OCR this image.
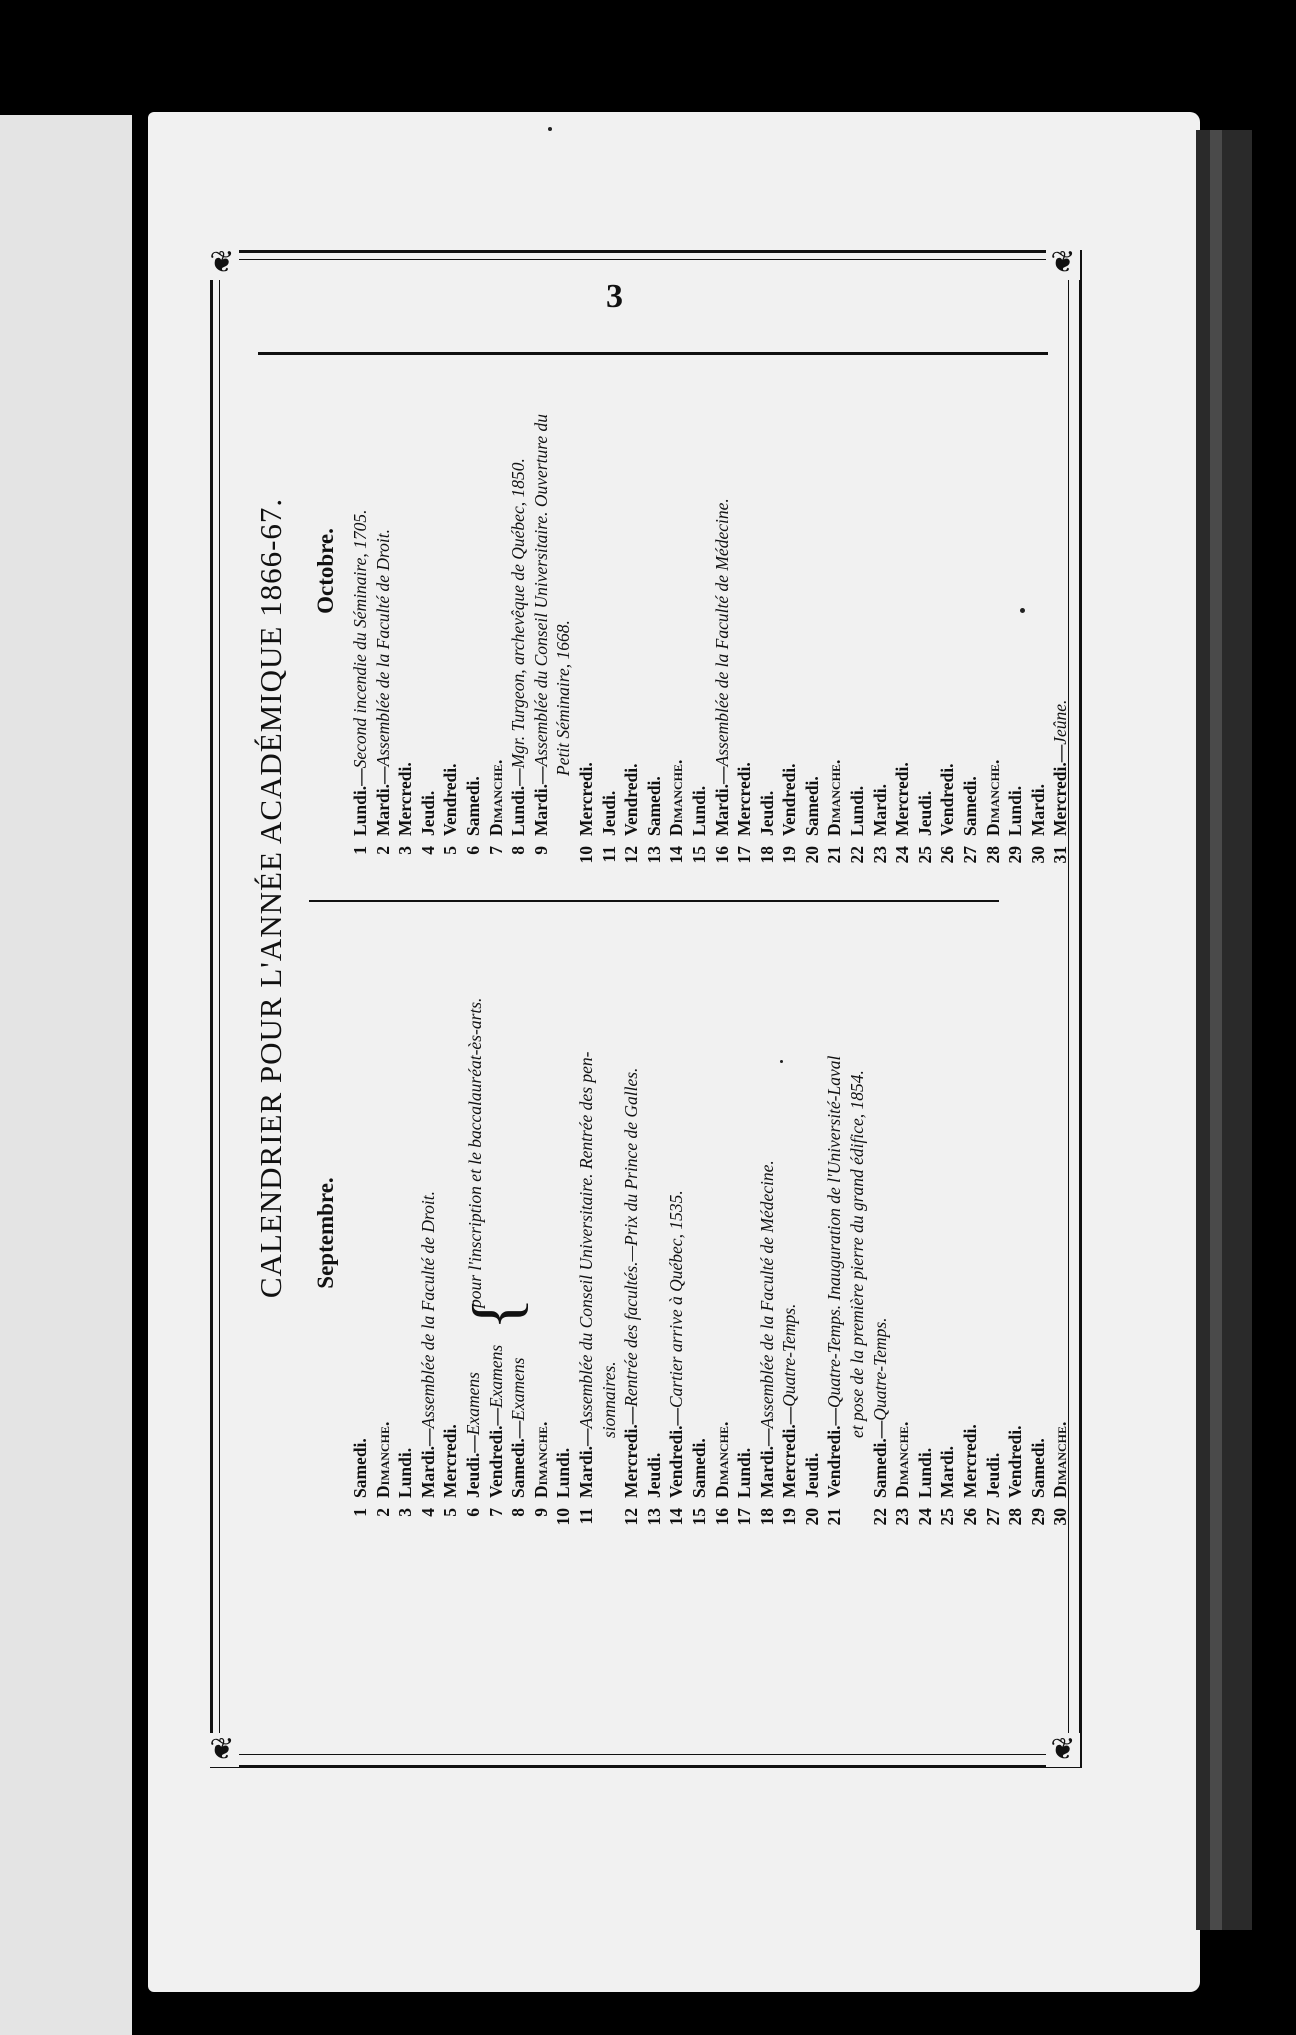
❦	❦
❦	❦
3
CALENDRIER POUR L'ANNÉE ACADÉMIQUE 1866-67. Septembre.
1
Samedi.
2
Dimanche.
3
Lundi.
4
Mardi.—Assemblée de la Faculté de Droit.
5
Mercredi.
6
Jeudi.—Examens
{
pour l'inscription et le baccalauréat-ès-arts.
7
Vendredi.—Examens
8
Samedi.—Examens
9
Dimanche.
10
Lundi.
11
Mardi.—Assemblée du Conseil Universitaire. Rentrée des pen- sionnaires.
12
Mercredi.—Rentrée des facultés.—Prix du Prince de Galles.
13
Jeudi.
14
Vendredi.—Cartier arrive à Québec, 1535.
15
Samedi.
16
Dimanche.
17
Lundi.
18
Mardi.—Assemblée de la Faculté de Médecine.
19
Mercredi.—Quatre-Temps.
20
Jeudi.
21
Vendredi.—Quatre-Temps. Inauguration de l'Université-Laval et pose de la première pierre du grand édifice, 1854.
22
Samedi.—Quatre-Temps.
23
Dimanche.
24
Lundi.
25
Mardi.
26
Mercredi.
27
Jeudi.
28
Vendredi.
29
Samedi.
30
Dimanche.
Octobre.
1
Lundi.—Second incendie du Séminaire, 1705.
2
Mardi.—Assemblée de la Faculté de Droit.
3
Mercredi.
4
Jeudi.
5
Vendredi.
6
Samedi.
7
Dimanche.
8
Lundi.—Mgr. Turgeon, archevêque de Québec, 1850.
9
Mardi.—Assemblée du Conseil Universitaire. Ouverture du Petit Séminaire, 1668.
10
Mercredi.
11
Jeudi.
12
Vendredi.
13
Samedi.
14
Dimanche.
15
Lundi.
16
Mardi.—Assemblée de la Faculté de Médecine.
17
Mercredi.
18
Jeudi.
19
Vendredi.
20
Samedi.
21
Dimanche.
22
Lundi.
23
Mardi.
24
Mercredi.
25
Jeudi.
26
Vendredi.
27
Samedi.
28
Dimanche.
29
Lundi.
30
Mardi.
31
Mercredi.—Jeûne.
